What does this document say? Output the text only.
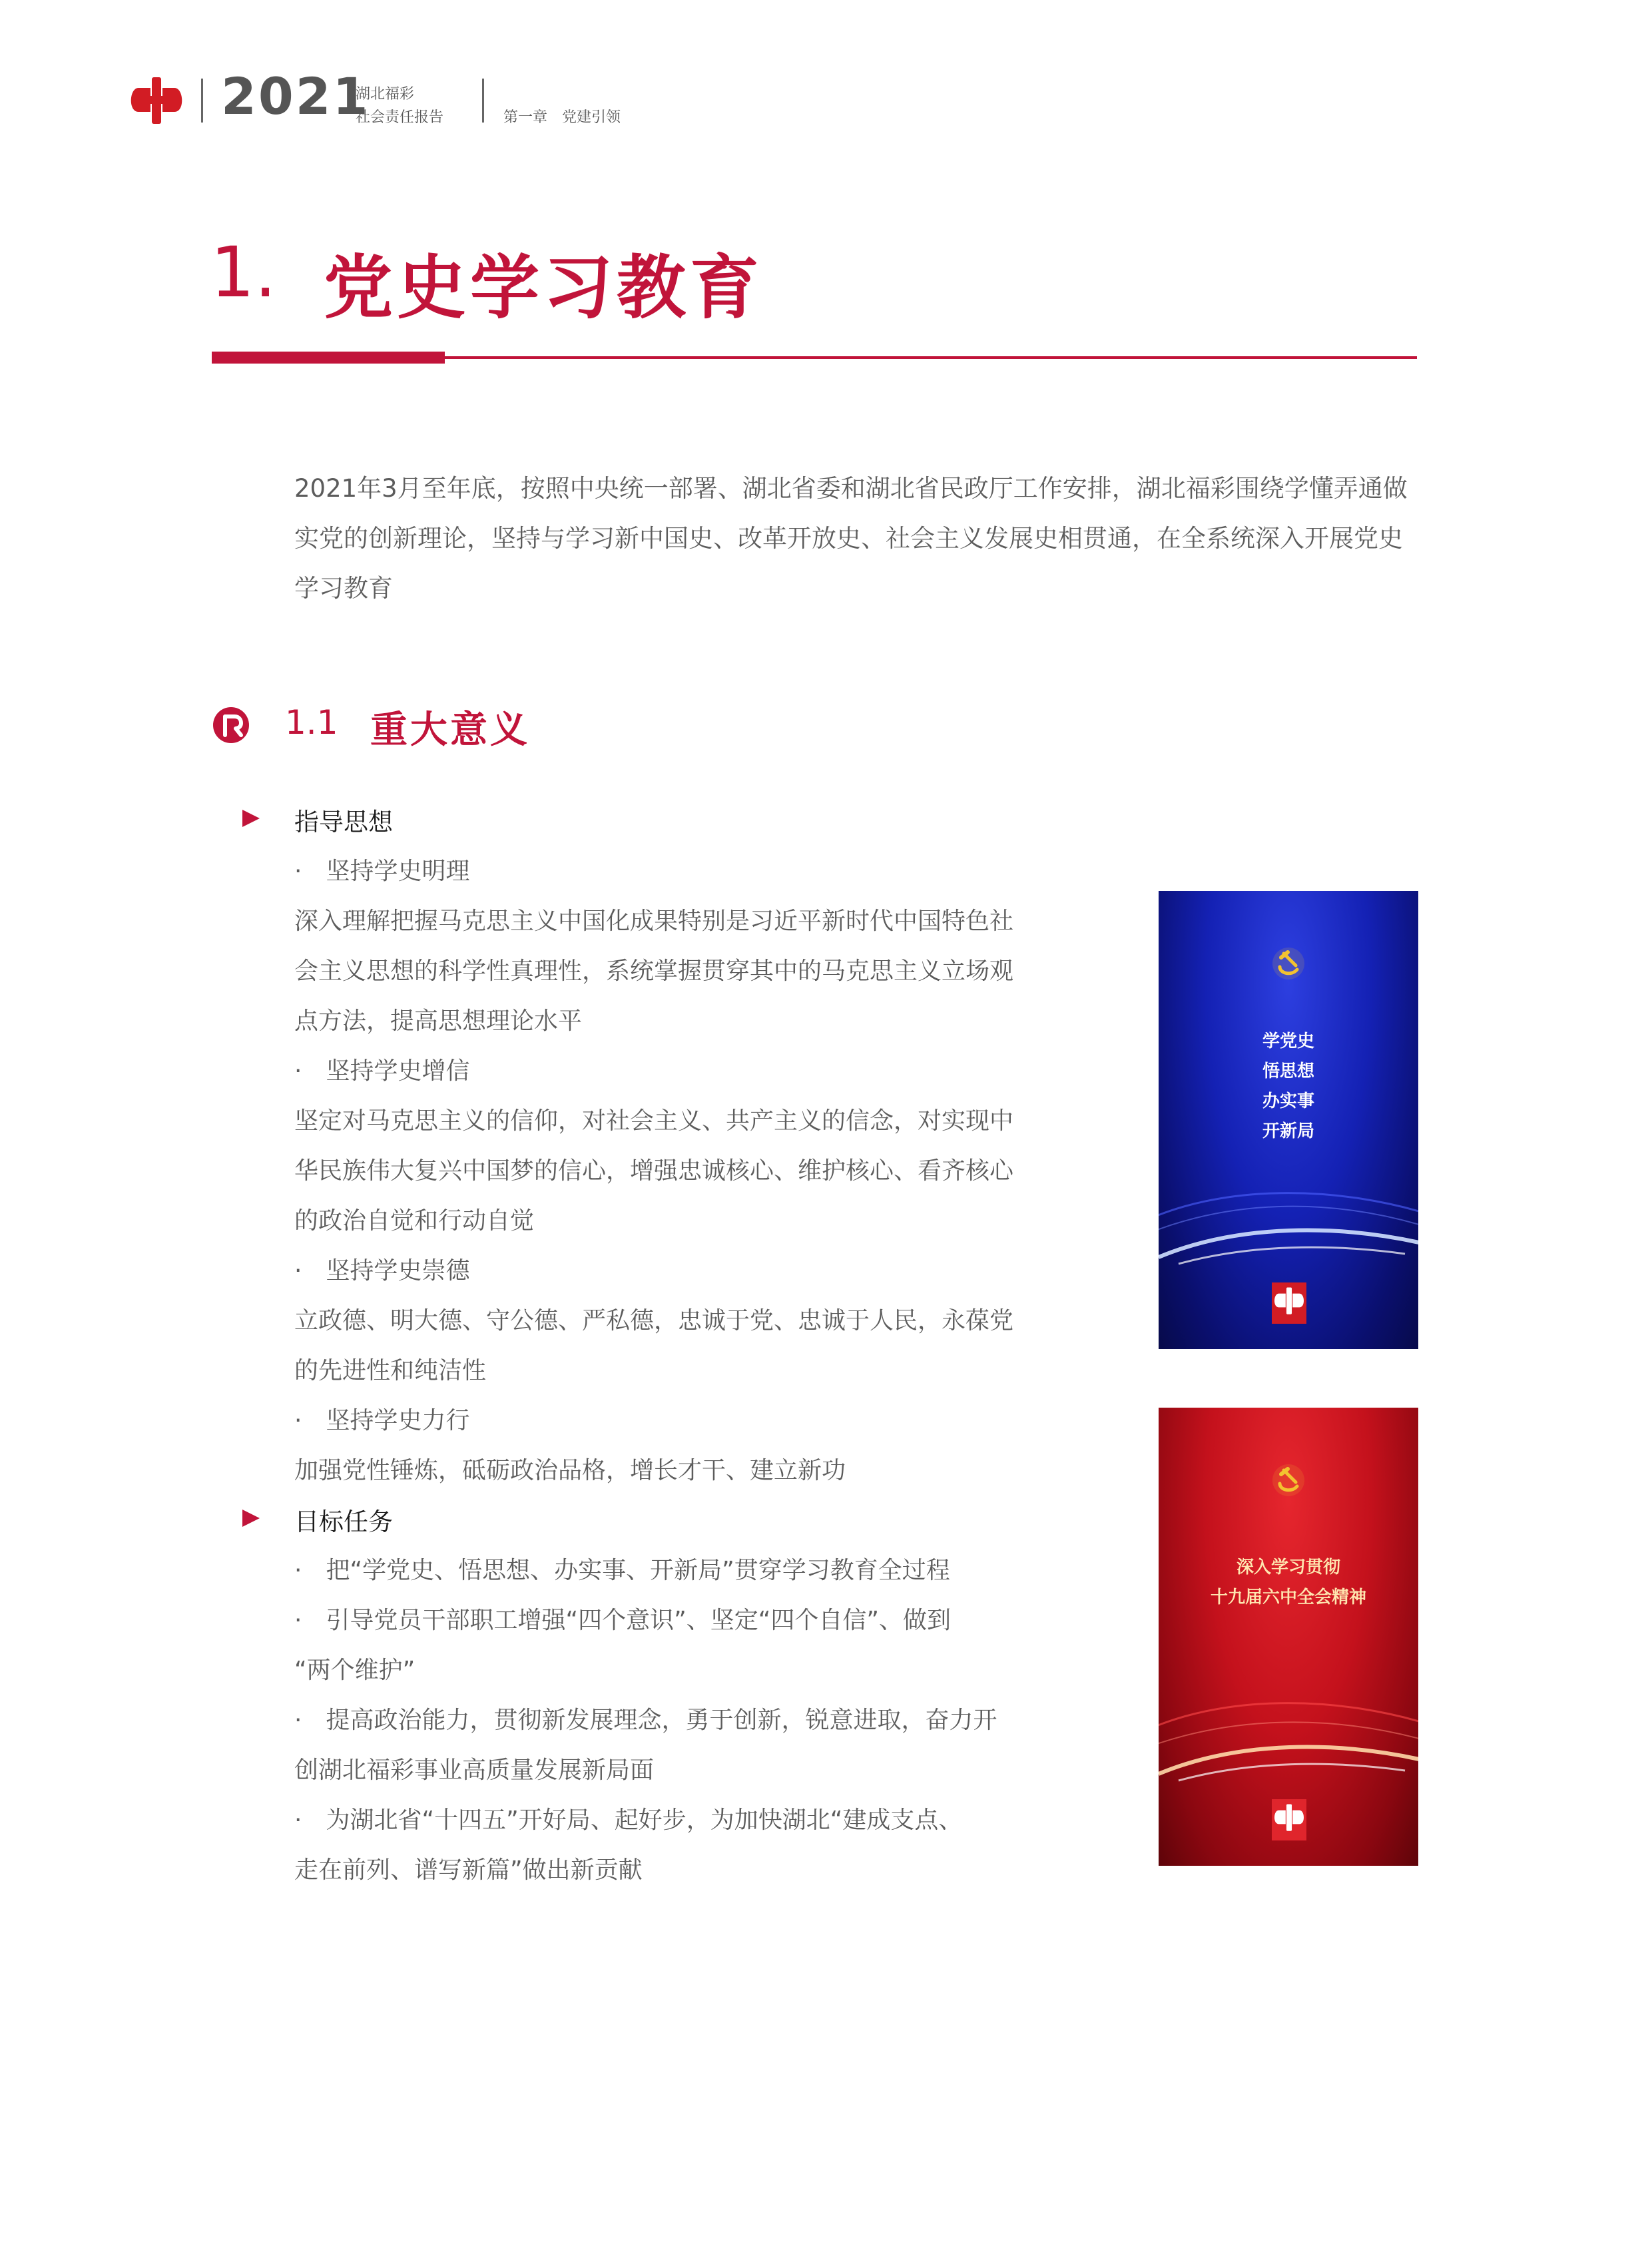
2021
湖北福彩
社会责任报告	第一章　党建引领
1. 党史学习教育
2021年3月至年底，按照中央统一部署、湖北省委和湖北省民政厅工作安排，湖北福彩围绕学懂弄通做实党的创新理论，坚持与学习新中国史、改革开放史、社会主义发展史相贯通，在全系统深入开展党史学习教育
1.1 重大意义
指导思想
·　坚持学史明理
深入理解把握马克思主义中国化成果特别是习近平新时代中国特色社
会主义思想的科学性真理性，系统掌握贯穿其中的马克思主义立场观
点方法，提高思想理论水平
·　坚持学史增信
坚定对马克思主义的信仰，对社会主义、共产主义的信念，对实现中
华民族伟大复兴中国梦的信心，增强忠诚核心、维护核心、看齐核心
的政治自觉和行动自觉
·　坚持学史崇德
立政德、明大德、守公德、严私德，忠诚于党、忠诚于人民，永葆党
的先进性和纯洁性
·　坚持学史力行
加强党性锤炼，砥砺政治品格，增长才干、建立新功
目标任务
·　把“学党史、悟思想、办实事、开新局”贯穿学习教育全过程
·　引导党员干部职工增强“四个意识”、坚定“四个自信”、做到
“两个维护”
·　提高政治能力，贯彻新发展理念，勇于创新，锐意进取，奋力开
创湖北福彩事业高质量发展新局面
·　为湖北省“十四五”开好局、起好步，为加快湖北“建成支点、
走在前列、谱写新篇”做出新贡献
学党史
悟思想
办实事
开新局
深入学习贯彻
十九届六中全会精神
